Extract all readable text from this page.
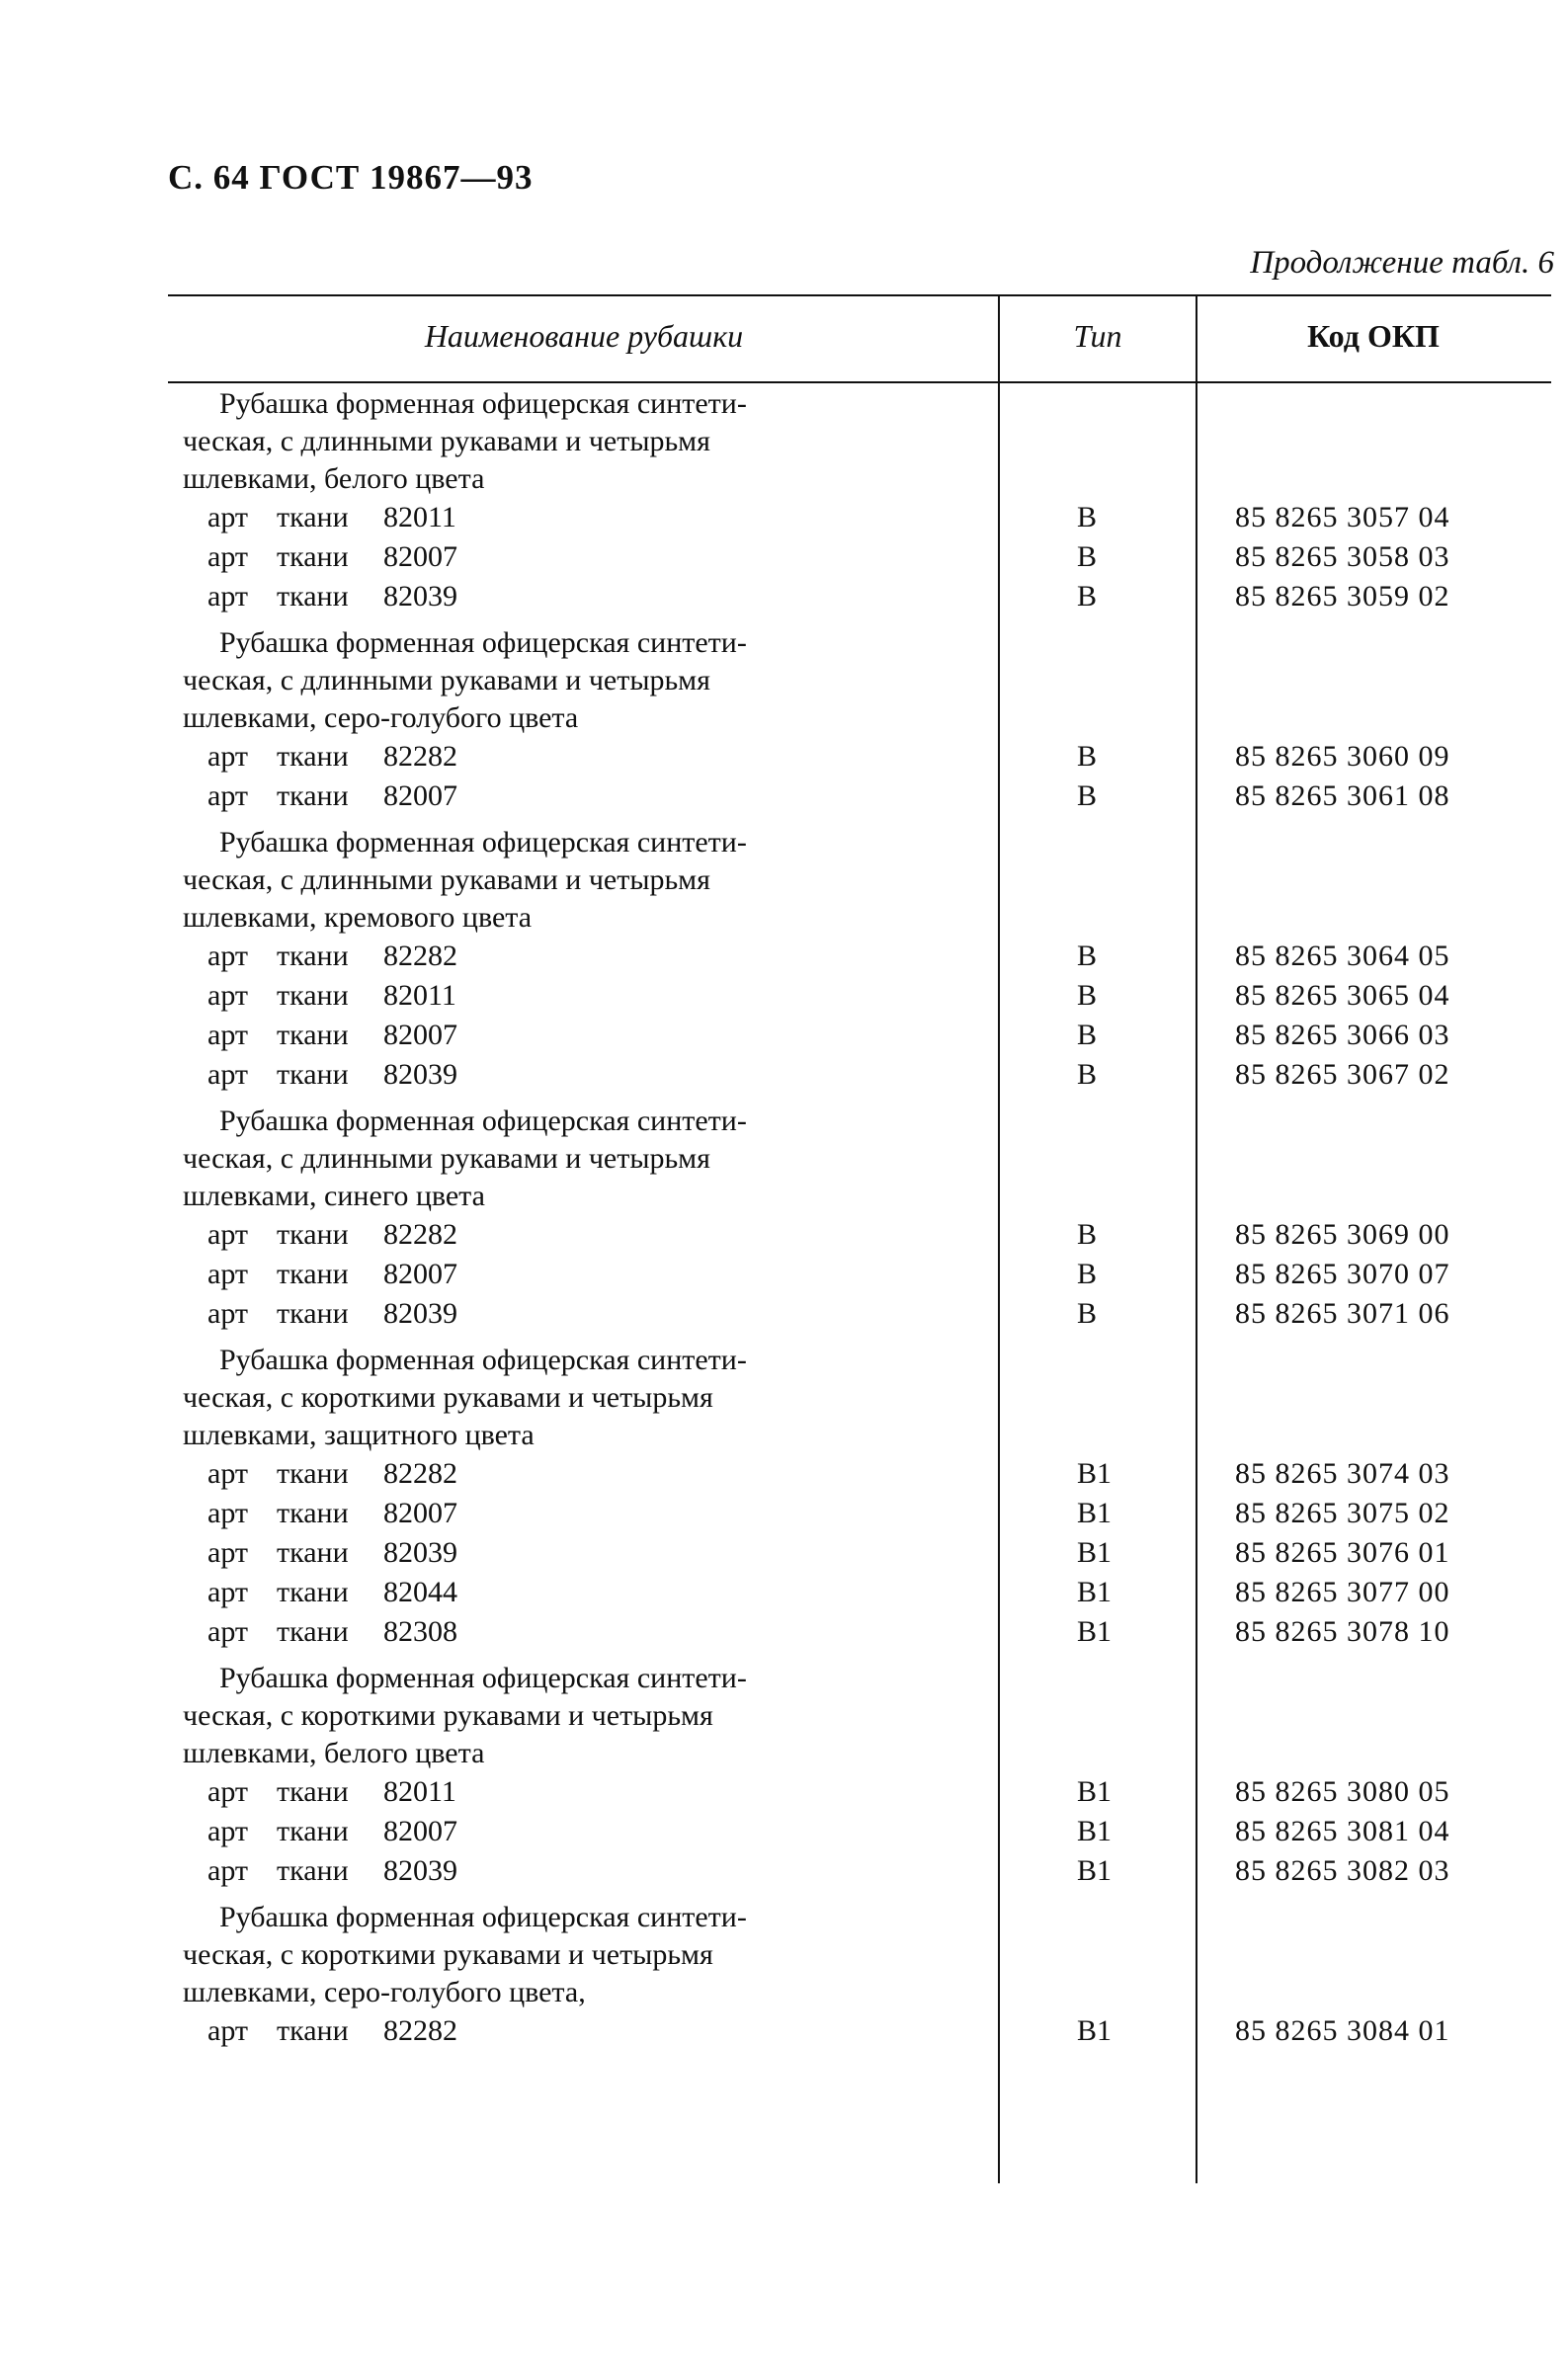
С. 64 ГОСТ 19867—93
Продолжение табл. 6
Наименование рубашки	Тип	Код ОКП
Рубашка форменная офицерская синтети-
ческая, с длинными рукавами и четырьмя
шлевками, белого цвета
арт ткани 82011	В	85 8265 3057 04
арт ткани 82007	В	85 8265 3058 03
арт ткани 82039	В	85 8265 3059 02
Рубашка форменная офицерская синтети-
ческая, с длинными рукавами и четырьмя
шлевками, серо-голубого цвета
арт ткани 82282	В	85 8265 3060 09
арт ткани 82007	В	85 8265 3061 08
Рубашка форменная офицерская синтети-
ческая, с длинными рукавами и четырьмя
шлевками, кремового цвета
арт ткани 82282	В	85 8265 3064 05
арт ткани 82011	В	85 8265 3065 04
арт ткани 82007	В	85 8265 3066 03
арт ткани 82039	В	85 8265 3067 02
Рубашка форменная офицерская синтети-
ческая, с длинными рукавами и четырьмя
шлевками, синего цвета
арт ткани 82282	В	85 8265 3069 00
арт ткани 82007	В	85 8265 3070 07
арт ткани 82039	В	85 8265 3071 06
Рубашка форменная офицерская синтети-
ческая, с короткими рукавами и четырьмя
шлевками, защитного цвета
арт ткани 82282	В1	85 8265 3074 03
арт ткани 82007	В1	85 8265 3075 02
арт ткани 82039	В1	85 8265 3076 01
арт ткани 82044	В1	85 8265 3077 00
арт ткани 82308	В1	85 8265 3078 10
Рубашка форменная офицерская синтети-
ческая, с короткими рукавами и четырьмя
шлевками, белого цвета
арт ткани 82011	В1	85 8265 3080 05
арт ткани 82007	В1	85 8265 3081 04
арт ткани 82039	В1	85 8265 3082 03
Рубашка форменная офицерская синтети-
ческая, с короткими рукавами и четырьмя
шлевками, серо-голубого цвета,
арт ткани 82282	В1	85 8265 3084 01
